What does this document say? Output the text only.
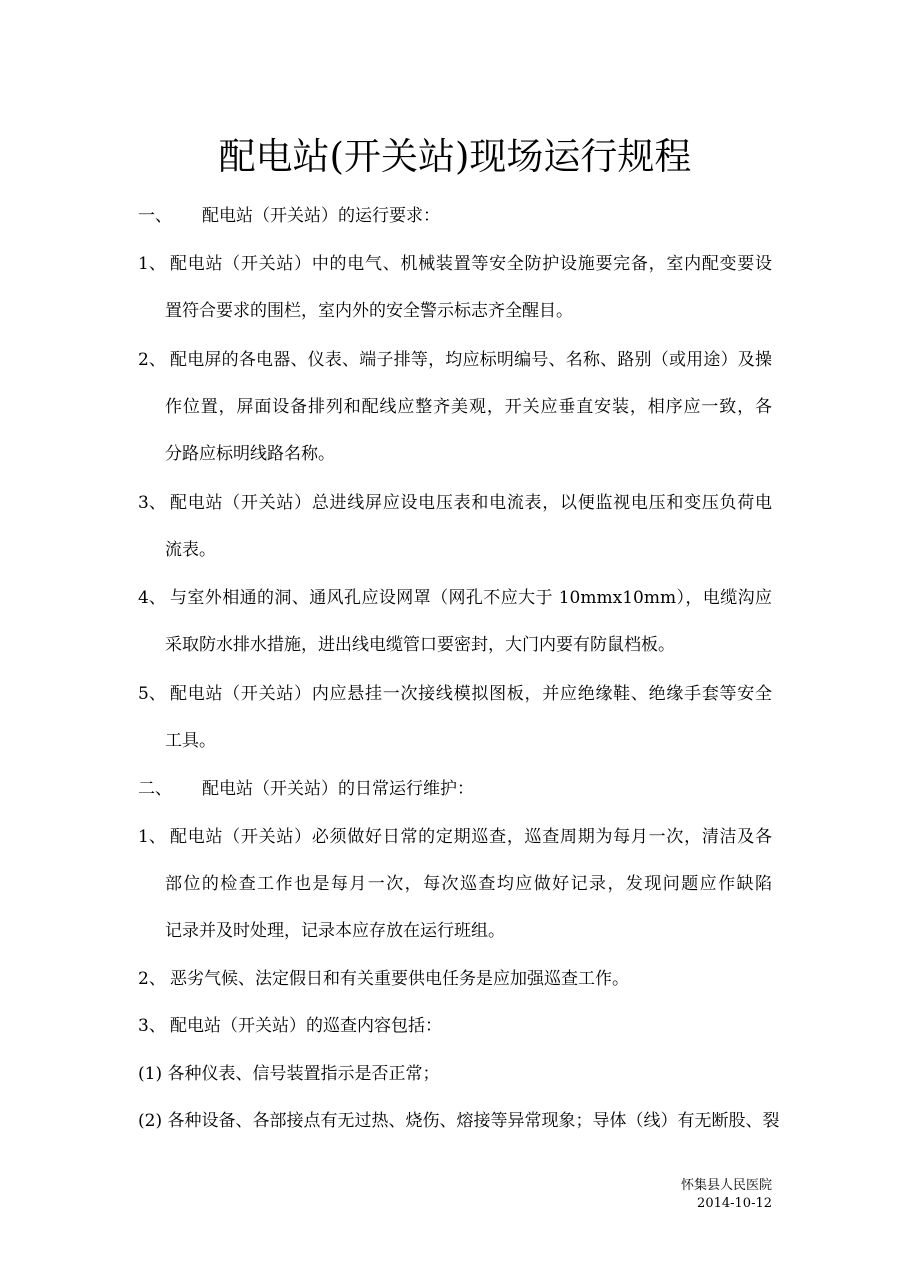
配电站(开关站)现场运行规程
一、 配电站（开关站）的运行要求：
1、 配电站（开关站）中的电气、机械装置等安全防护设施要完备，室内配变要设
置符合要求的围栏，室内外的安全警示标志齐全醒目。
2、 配电屏的各电器、仪表、端子排等，均应标明编号、名称、路别（或用途）及操
作位置，屏面设备排列和配线应整齐美观，开关应垂直安装，相序应一致，各
分路应标明线路名称。
3、 配电站（开关站）总进线屏应设电压表和电流表，以便监视电压和变压负荷电
流表。
4、 与室外相通的洞、通风孔应设网罩（网孔不应大于 10mmx10mm），电缆沟应
采取防水排水措施，进出线电缆管口要密封，大门内要有防鼠档板。
5、 配电站（开关站）内应悬挂一次接线模拟图板，并应绝缘鞋、绝缘手套等安全
工具。
二、 配电站（开关站）的日常运行维护：
1、 配电站（开关站）必须做好日常的定期巡查，巡查周期为每月一次，清洁及各
部位的检查工作也是每月一次，每次巡查均应做好记录，发现问题应作缺陷
记录并及时处理，记录本应存放在运行班组。
2、 恶劣气候、法定假日和有关重要供电任务是应加强巡查工作。
3、 配电站（开关站）的巡查内容包括：
(1) 各种仪表、信号装置指示是否正常；
(2) 各种设备、各部接点有无过热、烧伤、熔接等异常现象；导体（线）有无断股、裂
怀集县人民医院
2014-10-12
